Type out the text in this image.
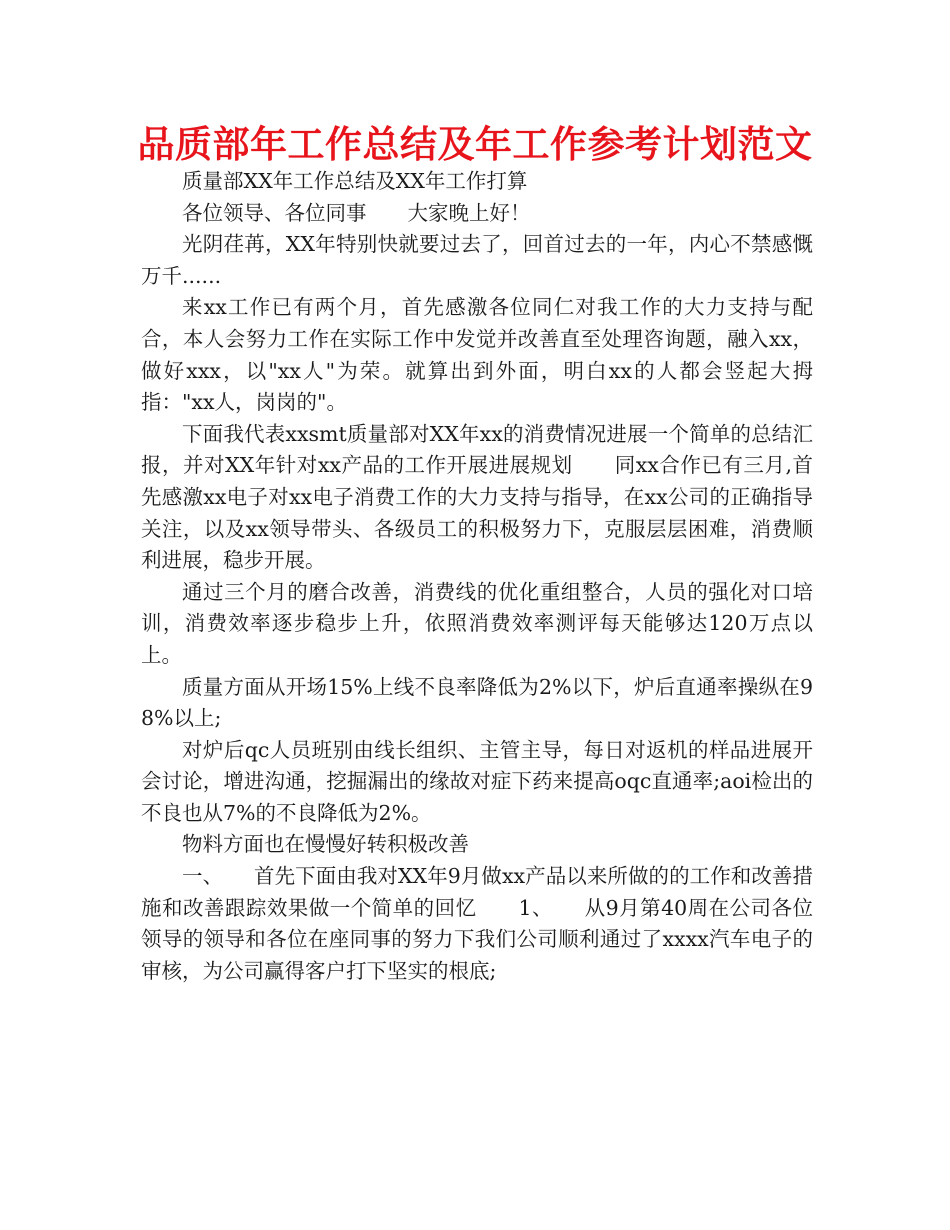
品质部年工作总结及年工作参考计划范文

质量部XX年工作总结及XX年工作打算

各位领导、各位同事　　大家晚上好！

光阴荏苒，XX年特别快就要过去了，回首过去的一年，内心不禁感慨万千......

来xx工作已有两个月，首先感激各位同仁对我工作的大力支持与配合，本人会努力工作在实际工作中发觉并改善直至处理咨询题，融入xx，做好xxx，以"xx人"为荣。就算出到外面，明白xx的人都会竖起大拇指："xx人，岗岗的"。

下面我代表xxsmt质量部对XX年xx的消费情况进展一个简单的总结汇报，并对XX年针对xx产品的工作开展进展规划　　同xx合作已有三月,首先感激xx电子对xx电子消费工作的大力支持与指导，在xx公司的正确指导关注，以及xx领导带头、各级员工的积极努力下，克服层层困难，消费顺利进展，稳步开展。

通过三个月的磨合改善，消费线的优化重组整合，人员的强化对口培训，消费效率逐步稳步上升，依照消费效率测评每天能够达120万点以上。

质量方面从开场15%上线不良率降低为2%以下，炉后直通率操纵在98%以上;

对炉后qc人员班别由线长组织、主管主导，每日对返机的样品进展开会讨论，增进沟通，挖掘漏出的缘故对症下药来提高oqc直通率;aoi检出的不良也从7%的不良降低为2%。

物料方面也在慢慢好转积极改善

一、　　首先下面由我对XX年9月做xx产品以来所做的的工作和改善措施和改善跟踪效果做一个简单的回忆　　1、　　从9月第40周在公司各位领导的领导和各位在座同事的努力下我们公司顺利通过了xxxx汽车电子的审核，为公司赢得客户打下坚实的根底;
